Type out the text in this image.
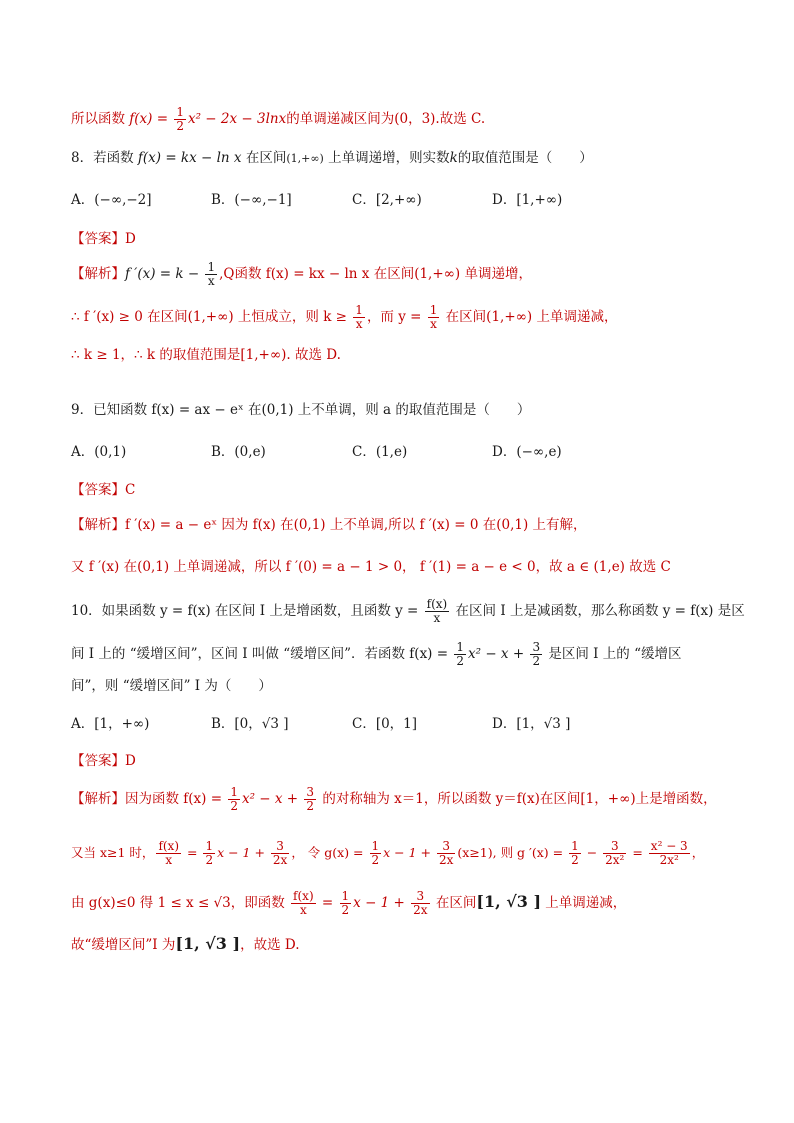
所以函数 $f(x) = \frac{1}{2} x^2 - 2x - 3\ln x$的单调递减区间为(0，3).故选 C.
8．若函数 f(x) = kx − ln x 在区间(1,+∞) 上单调递增，则实数k的取值范围是（　　）
A．(−∞,−2]	B．(−∞,−1]	C．[2,+∞)	D．[1,+∞)
【答案】D
【解析】f $'(x) = k - \frac{1}{x} ,Q$函数 f(x) = kx − ln x 在区间(1,+∞) 单调递增，
∴ f ′(x) ≥ 0 在区间(1,+∞) 上恒成立，则 $k \ge \frac{1}{x}$ ，而 $y = \frac{1}{x}$ 在区间(1,+∞) 上单调递减，
∴ k ≥ 1，∴ k 的取值范围是[1,+∞). 故选 D.
9．已知函数 f(x) = ax − eˣ 在(0,1) 上不单调，则 a 的取值范围是（　　）
A．(0,1)	B．(0,e)	C．(1,e)	D．(−∞,e)
【答案】C
【解析】f ′(x) = a − eˣ 因为 f(x) 在(0,1) 上不单调,所以 f ′(x) = 0 在(0,1) 上有解，
又 f ′(x) 在(0,1) 上单调递减，所以 f ′(0) = a − 1 > 0， f ′(1) = a − e < 0，故 a ∈ (1,e) 故选 C
10．如果函数 y = f(x) 在区间 I 上是增函数，且函数 $y = \frac{f(x)}{x}$ 在区间 I 上是减函数，那么称函数 y = f(x) 是区
间 I 上的 “缓增区间”，区间 I 叫做 “缓增区间”．若函数 $f(x) = \frac{1}{2} x^2 - x + \frac{3}{2}$ 是区间 I 上的 “缓增区
间”，则 “缓增区间” I 为（　　）
A．[1，+∞)	B．[0，√3 ]	C．[0，1]	D．[1，√3 ]
【答案】D
【解析】因为函数 $f(x) = \frac{1}{2} x^2 - x + \frac{3}{2}$ 的对称轴为 x＝1，所以函数 y＝f(x)在区间[1，+∞)上是增函数，
又当 x≥1 时， $\frac{f(x)}{x} = \frac{1}{2}$ $x - 1 + \frac{3}{2x}$ ， 令 $g(x) = \frac{1}{2}$ $x - 1 + \frac{3}{2x} (x\ge 1)$, 则 g $'(x) = \frac{1}{2} - \frac{3}{\text{2x²}} = \frac{\text{x² − 3}}{\text{2x²}}$ ，
由 g(x)≤0 得 1 ≤ x ≤ √3，即函数 $\frac{f(x)}{x} = \frac{1}{2}$ $x - 1 + \frac{3}{2x}$ 在区间[1, √3 ] 上单调递减，
故“缓增区间”I 为[1, √3 ]，故选 D.
